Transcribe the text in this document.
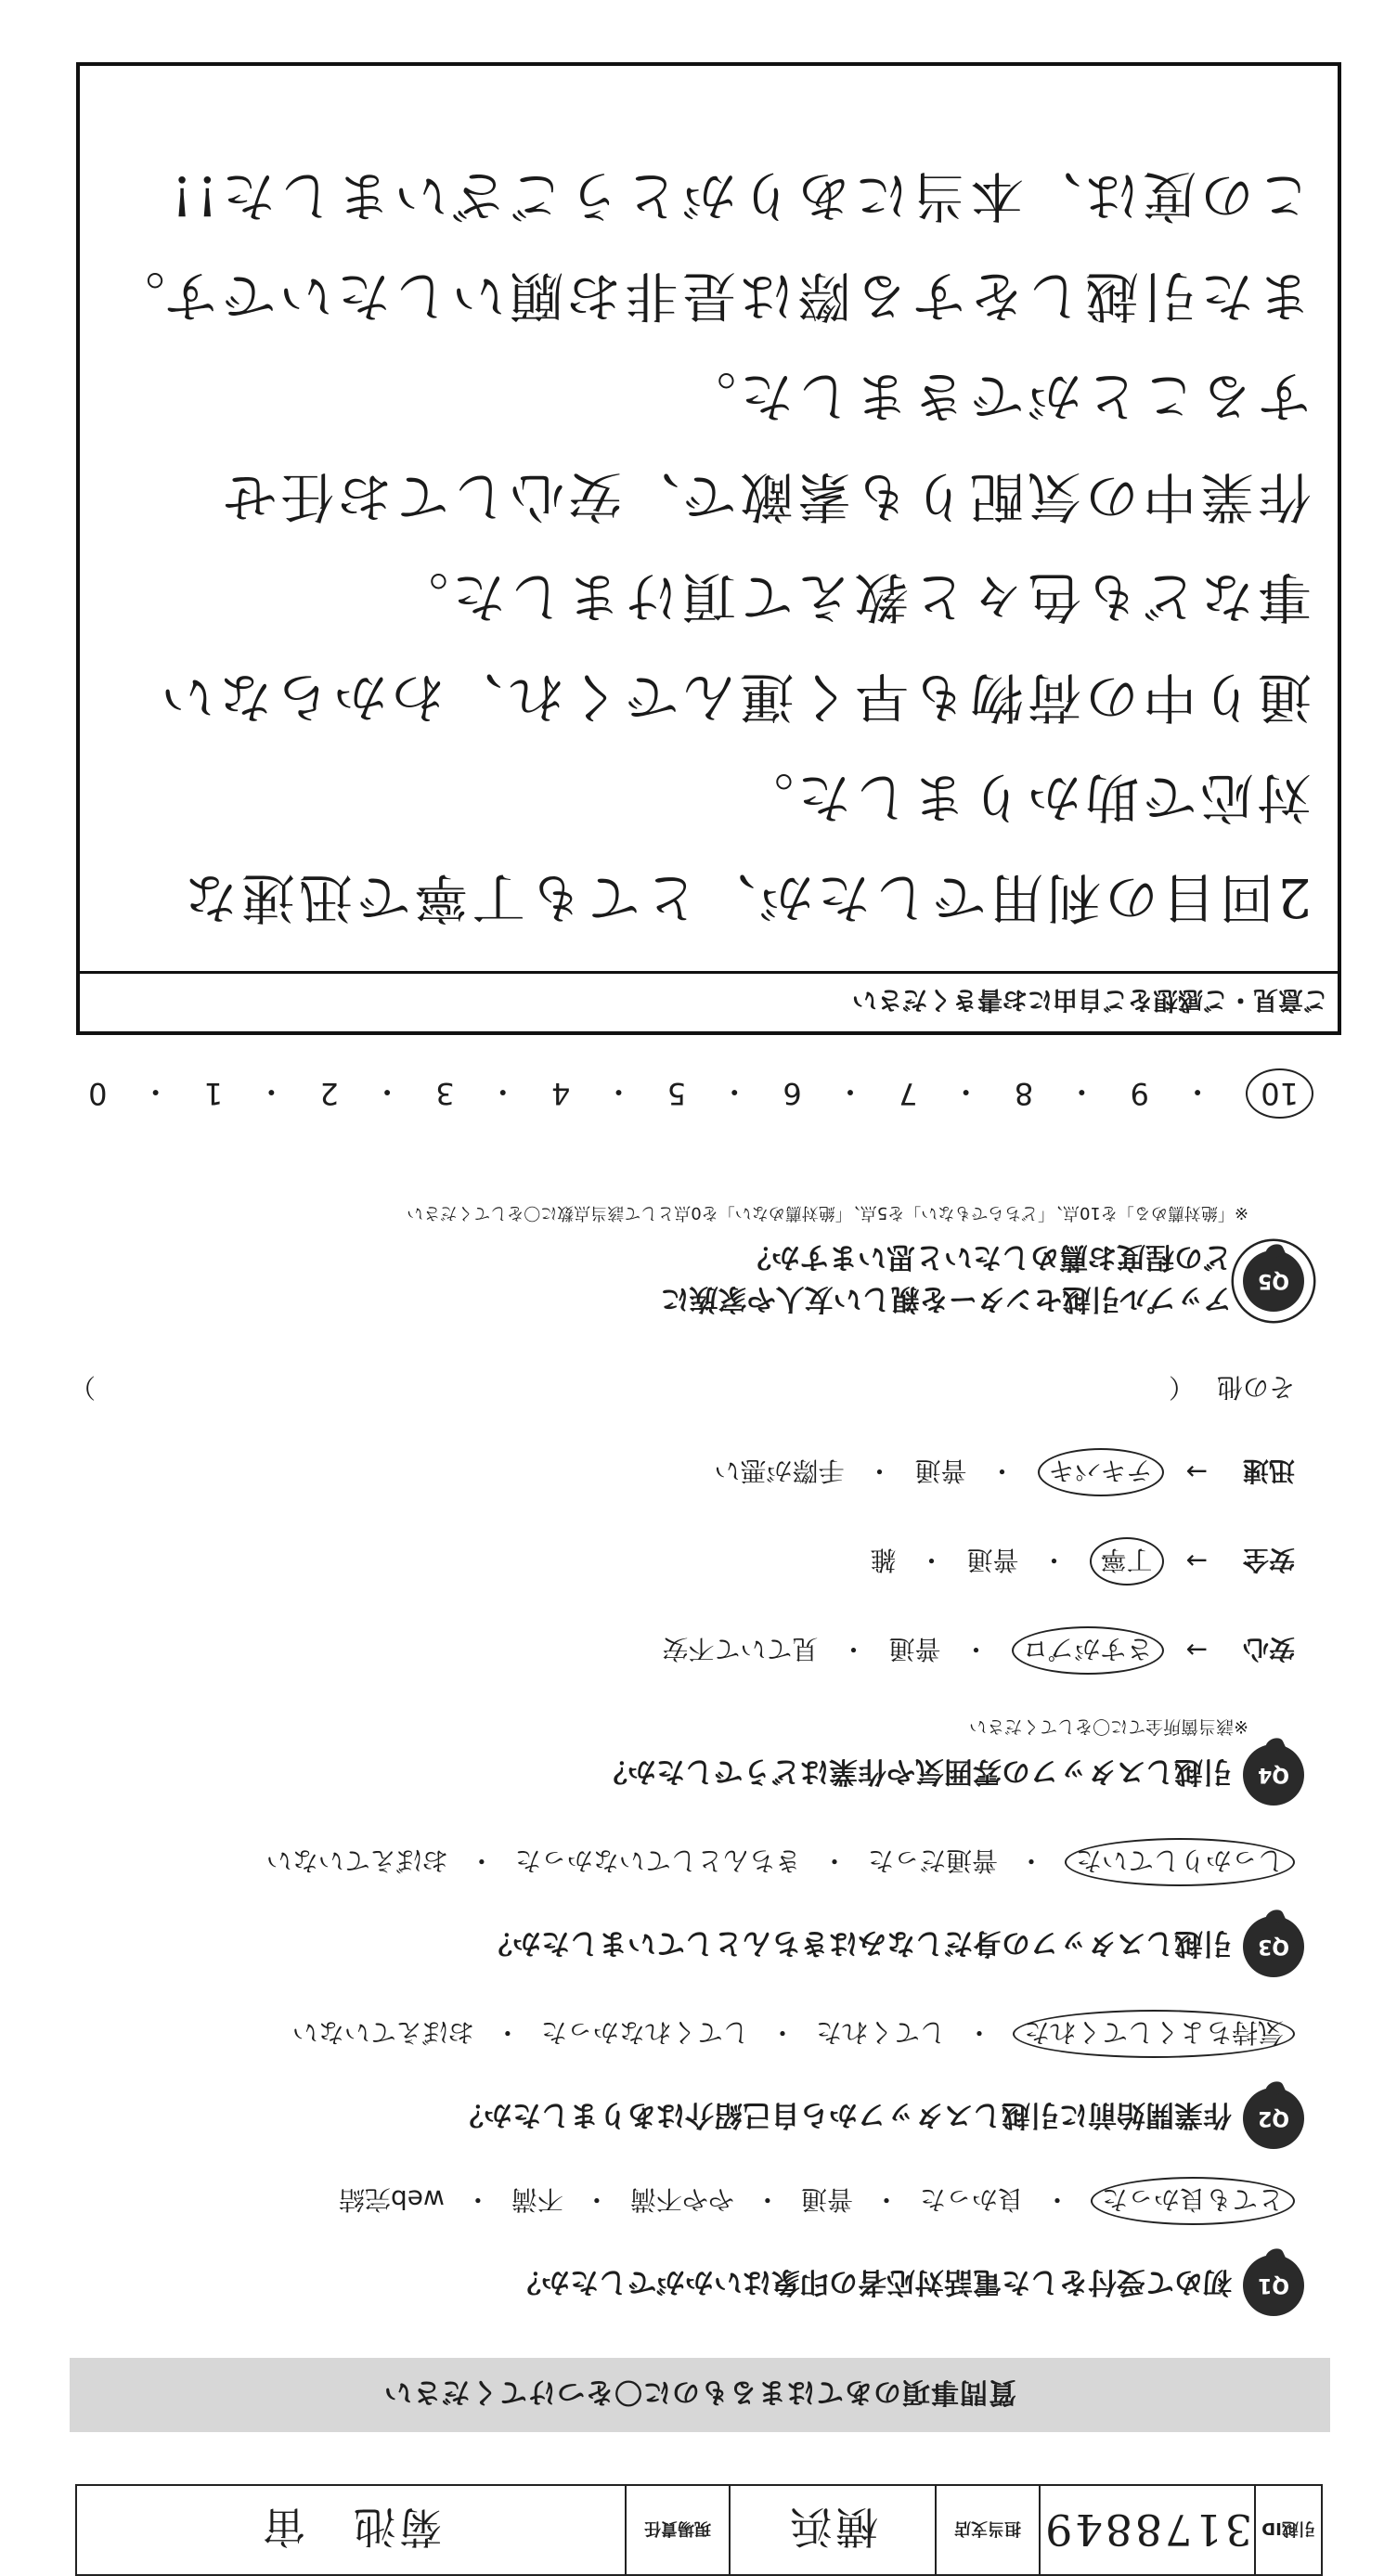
引越ID
3178849
担当支店
横浜
現場責任
菊池　宙
質問事項のあてはまるものに〇をつけてください
Q1
初めて受付をした電話対応者の印象はいかがでしたか？
とても良かった
・
良かった
・
普通
・
やや不満
・
不満
・
web完結
Q2
作業開始前に引越しスタッフから自己紹介はありましたか？
気持ちよくしてくれた
・
してくれた
・
してくれなかった
・
おぼえていない
Q3
引越しスタッフの身だしなみはきちんとしていましたか？
しっかりしていた
・
普通だった
・
きちんとしていなかった
・
おぼえていない
Q4
引越しスタッフの雰囲気や作業はどうでしたか？
※該当箇所全てに〇をしてください
安心
→
さすがプロ
・
普通
・
見ていて不安
安全
→
丁寧
・
普通
・
雑
迅速
→
テキパキ
・
普通
・
手際が悪い
その他
（
）
Q5
アップル引越センターを親しい友人や家族に
どの程度お薦めしたいと思いますか？
※「絶対薦める」を10点、「どちらでもない」を5点、「絶対薦めない」を0点として該当点数に〇をしてください
10
・
9
・
8
・
7
・
6
・
5
・
4
・
3
・
2
・
1
・
0
ご意見・ご感想をご自由にお書きください
2回目の利用でしたが、とても丁寧で迅速な
対応で助かりました。
通り中の荷物も早く運んでくれ、わからない
事なども色々と教えて頂けました。
作業中の気配りも素敵で、安心してお任せ
することができました。
また引越しをする際は是非お願いしたいです。
この度は、本当にありがとうございました!!
